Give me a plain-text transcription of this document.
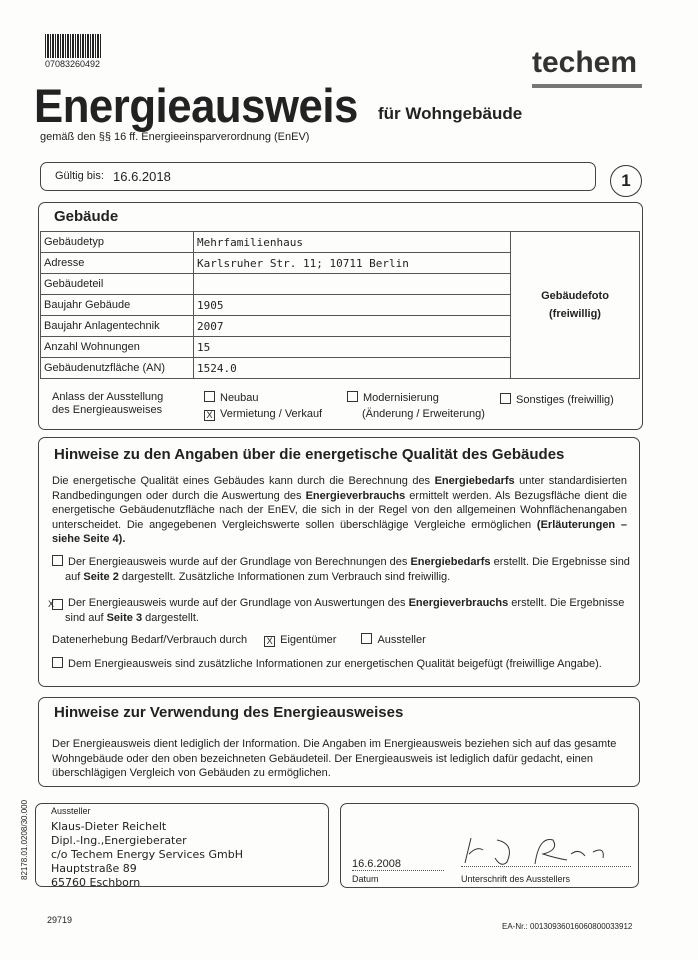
07083260492	techem
Energieausweis für Wohngebäude
gemäß den §§ 16 ff. Energieeinsparverordnung (EnEV)
Gültig bis: 16.6.2018	1
Gebäude
Gebäudetyp	Mehrfamilienhaus	Gebäudefoto
(freiwillig)

Adresse	Karlsruher Str. 11; 10711 Berlin	
Gebäudeteil		
Baujahr Gebäude	1905	
Baujahr Anlagentechnik	2007	
Anzahl Wohnungen	15	
Gebäudenutzfläche (AN)	1524.0	
Anlass der Ausstellung des Energieausweises
Neubau
X Vermietung / Verkauf
Modernisierung
(Änderung / Erweiterung)
Sonstiges (freiwillig)
Hinweise zu den Angaben über die energetische Qualität des Gebäudes
Die energetische Qualität eines Gebäudes kann durch die Berechnung des Energiebedarfs unter standardisierten Randbedingungen oder durch die Auswertung des Energieverbrauchs ermittelt werden. Als Bezugsfläche dient die energetische Gebäudenutzfläche nach der EnEV, die sich in der Regel von den allgemeinen Wohnflächenangaben unterscheidet. Die angegebenen Vergleichswerte sollen überschlägige Vergleiche ermöglichen (Erläuterungen – siehe Seite 4).
Der Energieausweis wurde auf der Grundlage von Berechnungen des Energiebedarfs erstellt. Die Ergebnisse sind auf Seite 2 dargestellt. Zusätzliche Informationen zum Verbrauch sind freiwillig.
X Der Energieausweis wurde auf der Grundlage von Auswertungen des Energieverbrauchs erstellt. Die Ergebnisse sind auf Seite 3 dargestellt.
Datenerhebung Bedarf/Verbrauch durch X Eigentümer	Aussteller
Dem Energieausweis sind zusätzliche Informationen zur energetischen Qualität beigefügt (freiwillige Angabe).
Hinweise zur Verwendung des Energieausweises
Der Energieausweis dient lediglich der Information. Die Angaben im Energieausweis beziehen sich auf das gesamte Wohngebäude oder den oben bezeichneten Gebäudeteil. Der Energieausweis ist lediglich dafür gedacht, einen überschlägigen Vergleich von Gebäuden zu ermöglichen.
Aussteller
Klaus-Dieter Reichelt
Dipl.-Ing.,Energieberater
c/o Techem Energy Services GmbH
Hauptstraße 89
65760 Eschborn
82178.01.0208/30.000	16.6.2008
Datum	Unterschrift des Ausstellers
29719
EA-Nr.: 00130936016060800033912
